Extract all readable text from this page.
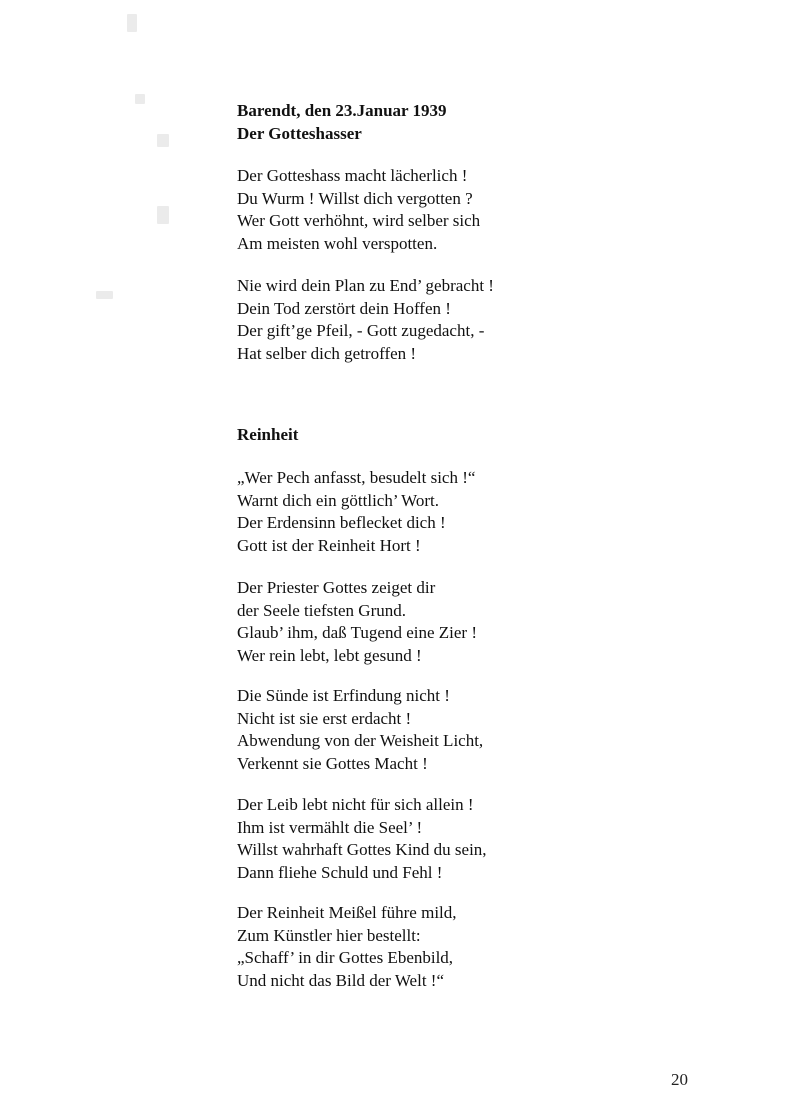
Barendt, den 23.Januar 1939
Der Gotteshasser
Der Gotteshass macht lächerlich !
Du Wurm ! Willst dich vergotten ?
Wer Gott verhöhnt, wird selber sich
Am meisten wohl verspotten.
Nie wird dein Plan zu End’ gebracht !
Dein Tod zerstört dein Hoffen !
Der gift’ge Pfeil, - Gott zugedacht, -
Hat selber dich getroffen !
Reinheit
„Wer Pech anfasst, besudelt sich !“
Warnt dich ein göttlich’ Wort.
Der Erdensinn beflecket dich !
Gott ist der Reinheit Hort !
Der Priester Gottes zeiget dir
der Seele tiefsten Grund.
Glaub’ ihm, daß Tugend eine Zier !
Wer rein lebt, lebt gesund !
Die Sünde ist Erfindung nicht !
Nicht ist sie erst erdacht !
Abwendung von der Weisheit Licht,
Verkennt sie Gottes Macht !
Der Leib lebt nicht für sich allein !
Ihm ist vermählt die Seel’ !
Willst wahrhaft Gottes Kind du sein,
Dann fliehe Schuld und Fehl !
Der Reinheit Meißel führe mild,
Zum Künstler hier bestellt:
„Schaff’ in dir Gottes Ebenbild,
Und nicht das Bild der Welt !“
20
